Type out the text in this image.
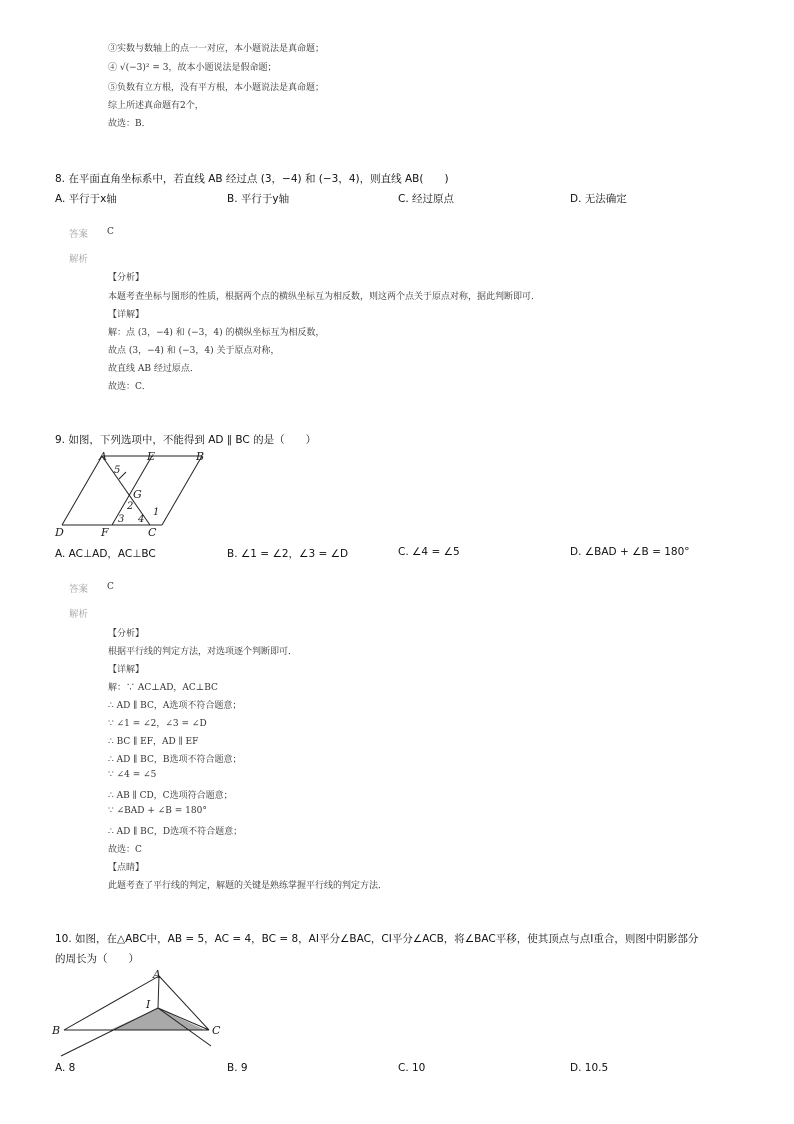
③实数与数轴上的点一一对应，本小题说法是真命题；
④ √(−3)² = 3，故本小题说法是假命题；
⑤负数有立方根，没有平方根，本小题说法是真命题；
综上所述真命题有2个，
故选：B．
8. 在平面直角坐标系中，若直线 AB 经过点 (3，−4) 和 (−3，4)，则直线 AB(　　)
A. 平行于x轴	B. 平行于y轴	C. 经过原点	D. 无法确定
答案 C
解析
【分析】
本题考查坐标与图形的性质，根据两个点的横纵坐标互为相反数，则这两个点关于原点对称，据此判断即可．
【详解】
解：点 (3，−4) 和 (−3，4) 的横纵坐标互为相反数，
故点 (3，−4) 和 (−3，4) 关于原点对称，
故直线 AB 经过原点．
故选：C．
9. 如图，下列选项中，不能得到 AD ∥ BC 的是（　　）
A	E	B
D	F	C
G
1
2
3 4
5
A. AC⊥AD，AC⊥BC	B. ∠1 = ∠2，∠3 = ∠D	C. ∠4 = ∠5	D. ∠BAD + ∠B = 180°
答案 C
解析
【分析】
根据平行线的判定方法，对选项逐个判断即可．
【详解】
解：∵ AC⊥AD，AC⊥BC
∴ AD ∥ BC，A选项不符合题意；
∵ ∠1 = ∠2，∠3 = ∠D
∴ BC ∥ EF，AD ∥ EF
∴ AD ∥ BC，B选项不符合题意；
∵ ∠4 = ∠5
∴ AB ∥ CD，C选项符合题意；
∵ ∠BAD + ∠B = 180°
∴ AD ∥ BC，D选项不符合题意；
故选：C
【点睛】
此题考查了平行线的判定，解题的关键是熟练掌握平行线的判定方法．
10. 如图，在△ABC中，AB = 5，AC = 4，BC = 8，AI平分∠BAC，CI平分∠ACB，将∠BAC平移，使其顶点与点I重合，则图中阴影部分
的周长为（　　）
A
B	C
I
A. 8	B. 9	C. 10	D. 10.5
